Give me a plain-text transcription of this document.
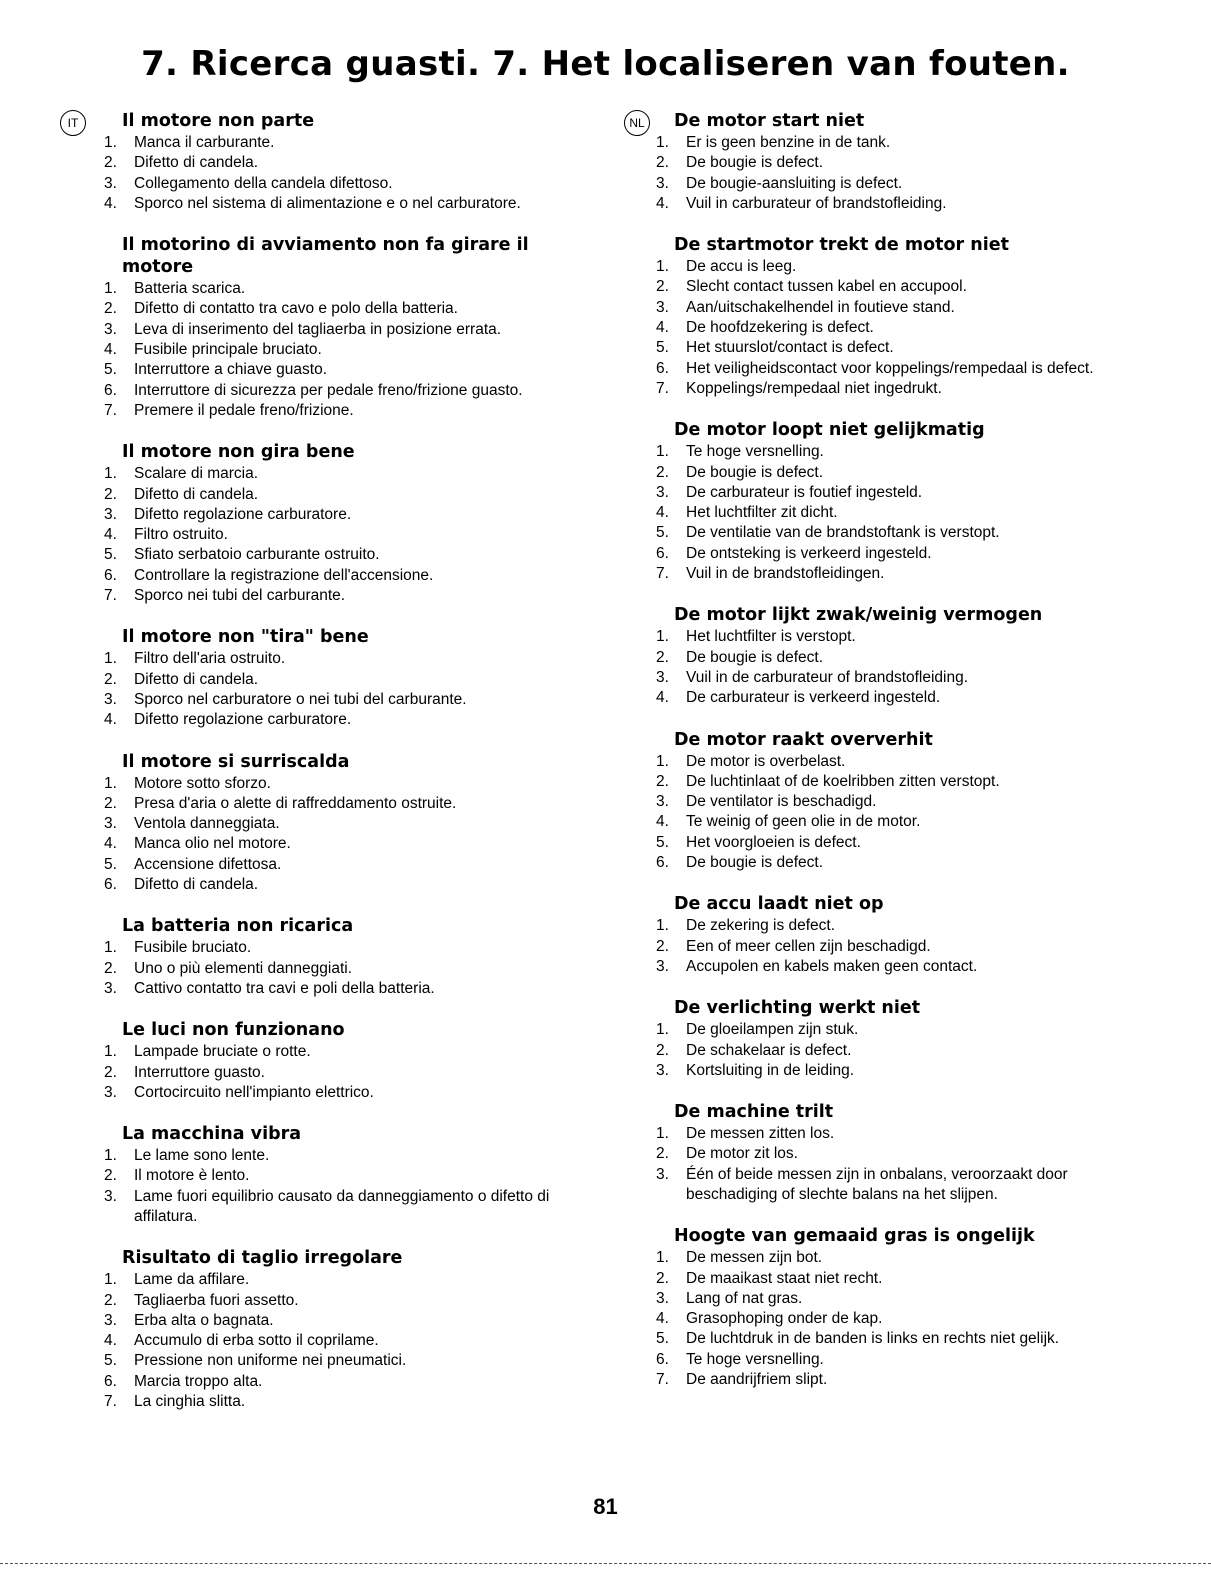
7. Ricerca guasti. 7. Het localiseren van fouten.
IT	Il motore non parte
1.	Manca il carburante.
2.	Difetto di candela.
3.	Collegamento della candela difettoso.
4.	Sporco nel sistema di alimentazione e o nel carburatore.
Il motorino di avviamento non fa girare il motore
1.	Batteria scarica.
2.	Difetto di contatto tra cavo e polo della batteria.
3.	Leva di inserimento del tagliaerba in posizione errata.
4.	Fusibile principale bruciato.
5.	Interruttore a chiave guasto.
6.	Interruttore di sicurezza per pedale freno/frizione guasto.
7.	Premere il pedale freno/frizione.
Il motore non gira bene
1.	Scalare di marcia.
2.	Difetto di candela.
3.	Difetto regolazione carburatore.
4.	Filtro ostruito.
5.	Sfiato serbatoio carburante ostruito.
6.	Controllare la registrazione dell'accensione.
7.	Sporco nei tubi del carburante.
Il motore non "tira" bene
1.	Filtro dell'aria ostruito.
2.	Difetto di candela.
3.	Sporco nel carburatore o nei tubi del carburante.
4.	Difetto regolazione carburatore.
Il motore si surriscalda
1.	Motore sotto sforzo.
2.	Presa d'aria o alette di raffreddamento ostruite.
3.	Ventola danneggiata.
4.	Manca olio nel motore.
5.	Accensione difettosa.
6.	Difetto di candela.
La batteria non ricarica
1.	Fusibile bruciato.
2.	Uno o più elementi danneggiati.
3.	Cattivo contatto tra cavi e poli della batteria.
Le luci non funzionano
1.	Lampade bruciate o rotte.
2.	Interruttore guasto.
3.	Cortocircuito nell'impianto elettrico.
La macchina vibra
1.	Le lame sono lente.
2.	Il motore è lento.
3.	Lame fuori equilibrio causato da danneggiamento o difetto di affilatura.
Risultato di taglio irregolare
1.	Lame da affilare.
2.	Tagliaerba fuori assetto.
3.	Erba alta o bagnata.
4.	Accumulo di erba sotto il coprilame.
5.	Pressione non uniforme nei pneumatici.
6.	Marcia troppo alta.
7.	La cinghia slitta.
NL	De motor start niet
1.	Er is geen benzine in de tank.
2.	De bougie is defect.
3.	De bougie-aansluiting is defect.
4.	Vuil in carburateur of brandstofleiding.
De startmotor trekt de motor niet
1.	De accu is leeg.
2.	Slecht contact tussen kabel en accupool.
3.	Aan/uitschakelhendel in foutieve stand.
4.	De hoofdzekering is defect.
5.	Het stuurslot/contact is defect.
6.	Het veiligheidscontact voor koppelings/rempedaal is defect.
7.	Koppelings/rempedaal niet ingedrukt.
De motor loopt niet gelijkmatig
1.	Te hoge versnelling.
2.	De bougie is defect.
3.	De carburateur is foutief ingesteld.
4.	Het luchtfilter zit dicht.
5.	De ventilatie van de brandstoftank is verstopt.
6.	De ontsteking is verkeerd ingesteld.
7.	Vuil in de brandstofleidingen.
De motor lijkt zwak/weinig vermogen
1.	Het luchtfilter is verstopt.
2.	De bougie is defect.
3.	Vuil in de carburateur of brandstofleiding.
4.	De carburateur is verkeerd ingesteld.
De motor raakt oververhit
1.	De motor is overbelast.
2.	De luchtinlaat of de koelribben zitten verstopt.
3.	De ventilator is beschadigd.
4.	Te weinig of geen olie in de motor.
5.	Het voorgloeien is defect.
6.	De bougie is defect.
De accu laadt niet op
1.	De zekering is defect.
2.	Een of meer cellen zijn beschadigd.
3.	Accupolen en kabels maken geen contact.
De verlichting werkt niet
1.	De gloeilampen zijn stuk.
2.	De schakelaar is defect.
3.	Kortsluiting in de leiding.
De machine trilt
1.	De messen zitten los.
2.	De motor zit los.
3.	Één of beide messen zijn in onbalans, veroorzaakt door beschadiging of slechte balans na het slijpen.
Hoogte van gemaaid gras is ongelijk
1.	De messen zijn bot.
2.	De maaikast staat niet recht.
3.	Lang of nat gras.
4.	Grasophoping onder de kap.
5.	De luchtdruk in de banden is links en rechts niet gelijk.
6.	Te hoge versnelling.
7.	De aandrijfriem slipt.
81
